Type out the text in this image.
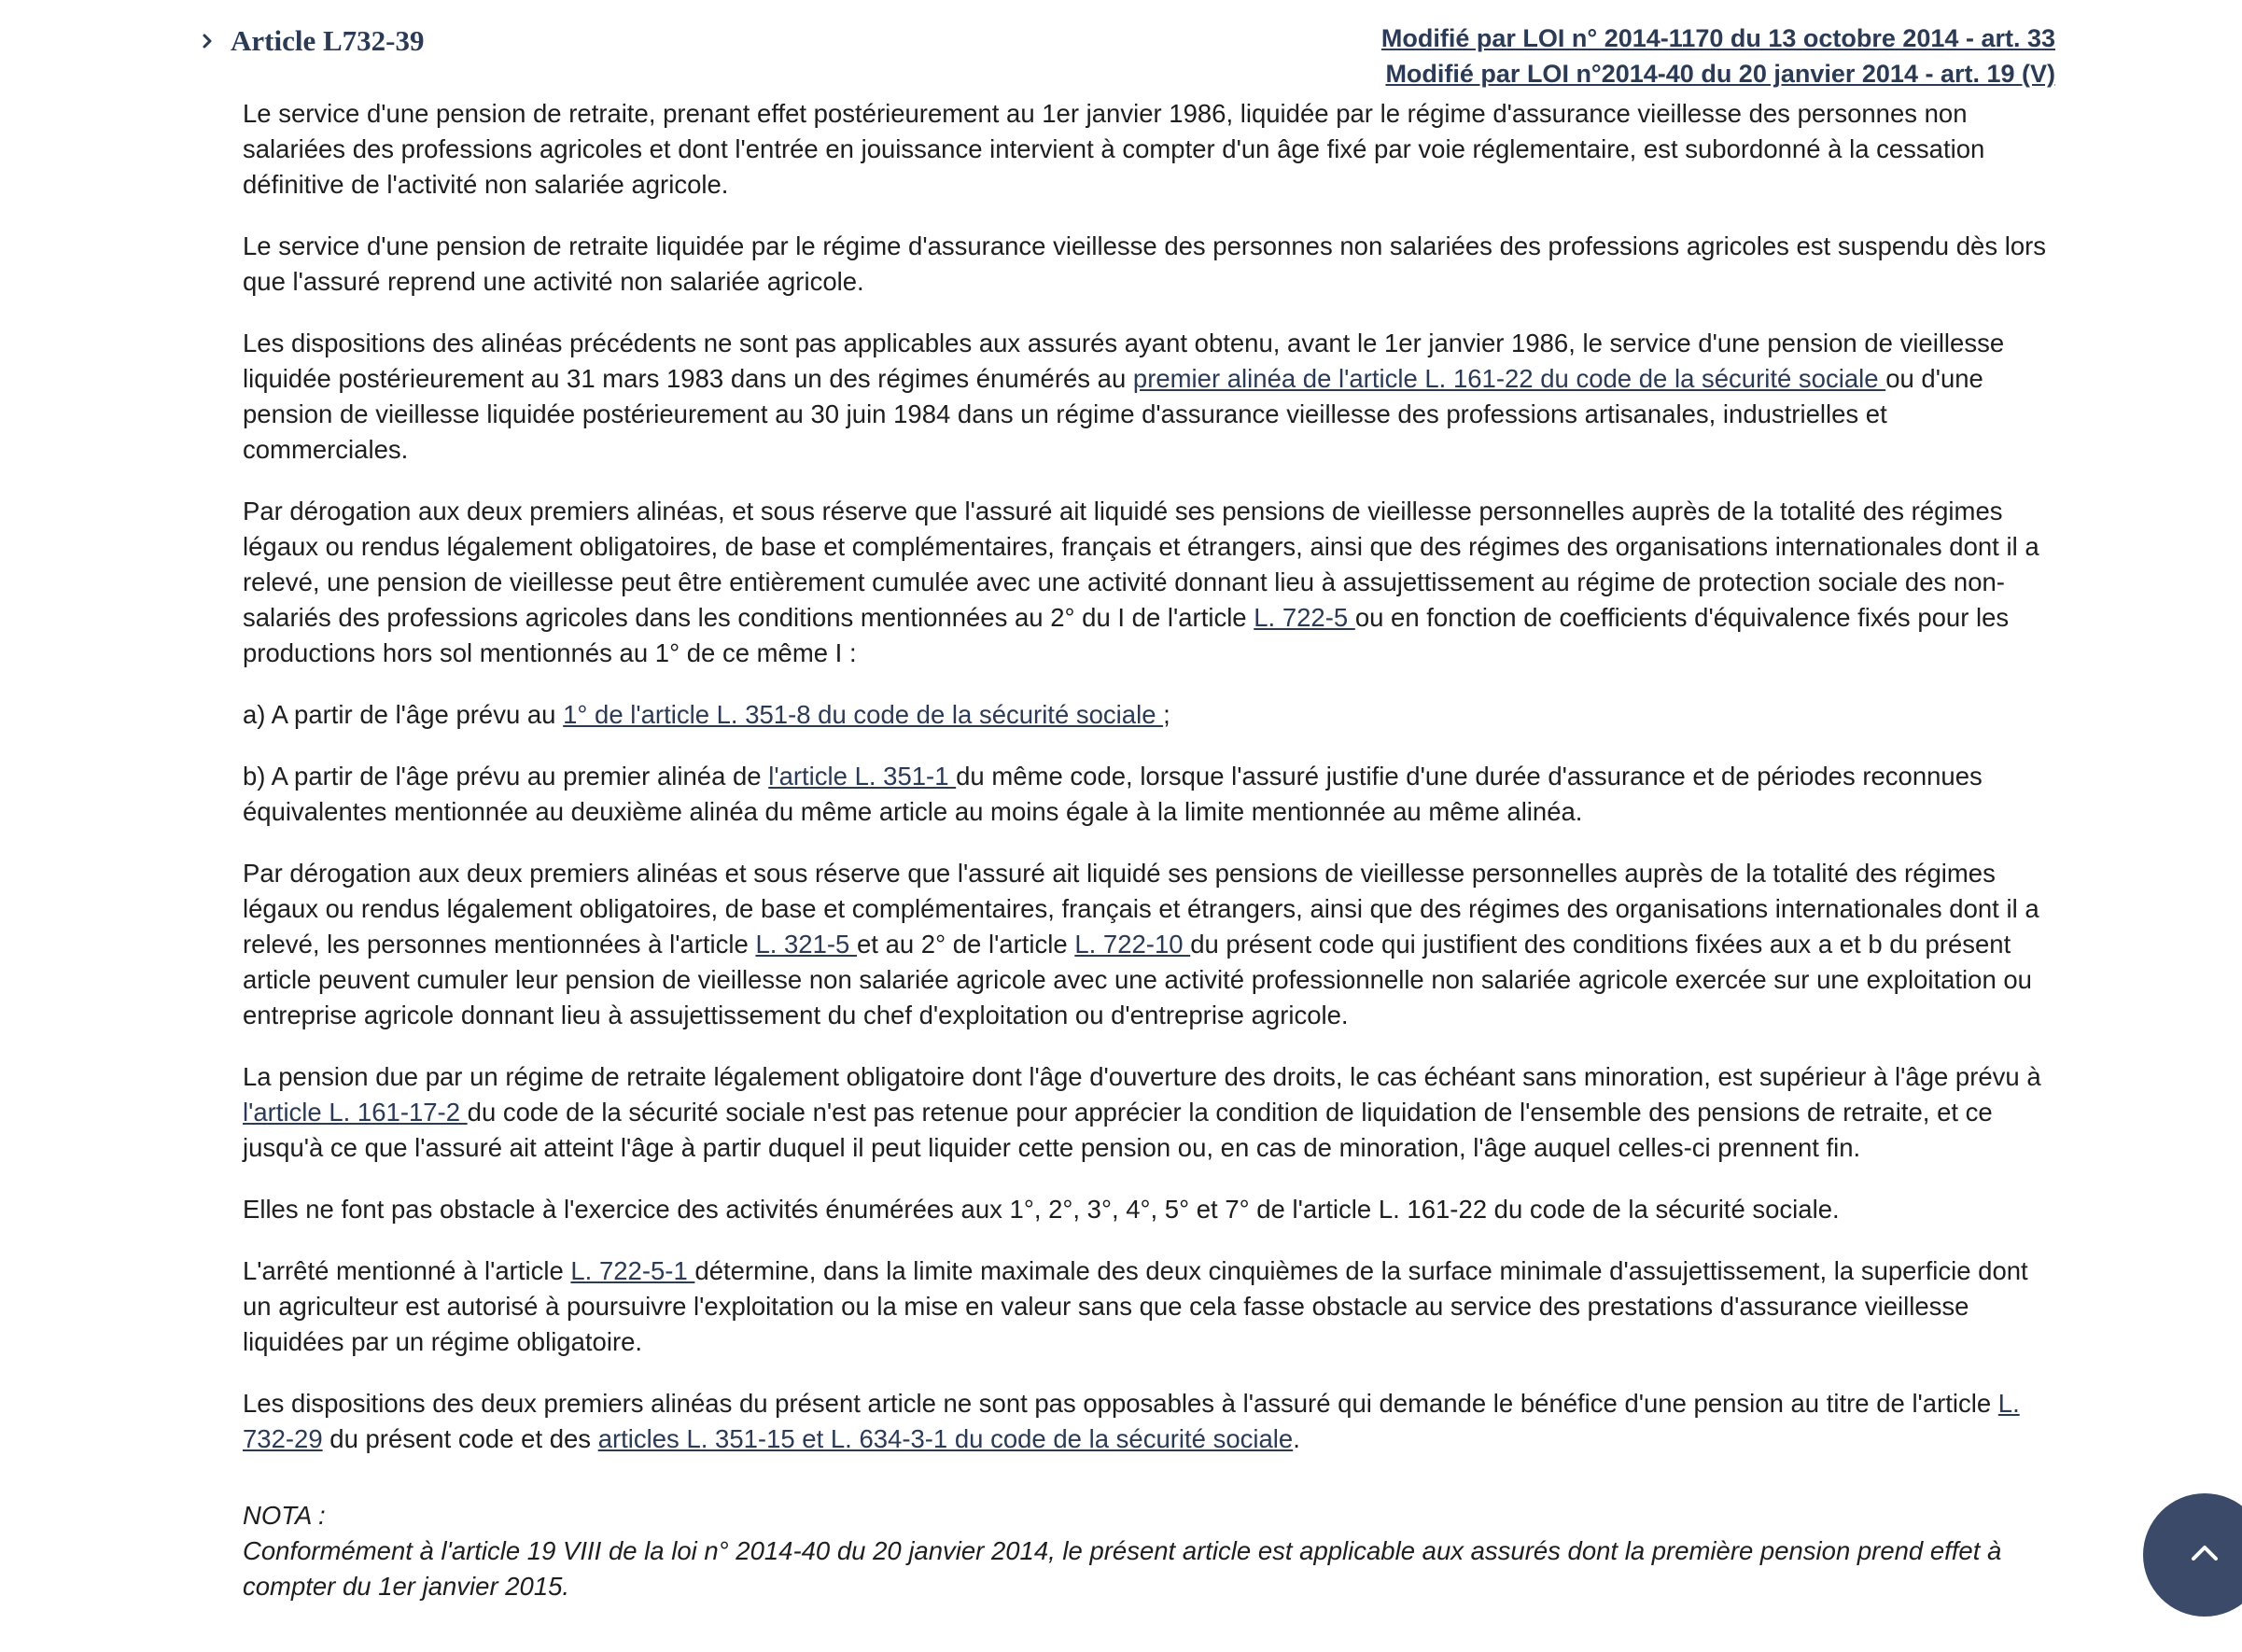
Article L732-39	Modifié par LOI n° 2014-1170 du 13 octobre 2014 - art. 33
Modifié par LOI n°2014-40 du 20 janvier 2014 - art. 19 (V)

Le service d'une pension de retraite, prenant effet postérieurement au 1er janvier 1986, liquidée par le régime d'assurance vieillesse des personnes non salariées des professions agricoles et dont l'entrée en jouissance intervient à compter d'un âge fixé par voie réglementaire, est subordonné à la cessation définitive de l'activité non salariée agricole.

Le service d'une pension de retraite liquidée par le régime d'assurance vieillesse des personnes non salariées des professions agricoles est suspendu dès lors que l'assuré reprend une activité non salariée agricole.

Les dispositions des alinéas précédents ne sont pas applicables aux assurés ayant obtenu, avant le 1er janvier 1986, le service d'une pension de vieillesse liquidée postérieurement au 31 mars 1983 dans un des régimes énumérés au premier alinéa de l'article L. 161-22 du code de la sécurité sociale ou d'une pension de vieillesse liquidée postérieurement au 30 juin 1984 dans un régime d'assurance vieillesse des professions artisanales, industrielles et commerciales.

Par dérogation aux deux premiers alinéas, et sous réserve que l'assuré ait liquidé ses pensions de vieillesse personnelles auprès de la totalité des régimes légaux ou rendus légalement obligatoires, de base et complémentaires, français et étrangers, ainsi que des régimes des organisations internationales dont il a relevé, une pension de vieillesse peut être entièrement cumulée avec une activité donnant lieu à assujettissement au régime de protection sociale des non-salariés des professions agricoles dans les conditions mentionnées au 2° du I de l'article L. 722-5 ou en fonction de coefficients d'équivalence fixés pour les productions hors sol mentionnés au 1° de ce même I :

a) A partir de l'âge prévu au 1° de l'article L. 351-8 du code de la sécurité sociale ;

b) A partir de l'âge prévu au premier alinéa de l'article L. 351-1 du même code, lorsque l'assuré justifie d'une durée d'assurance et de périodes reconnues équivalentes mentionnée au deuxième alinéa du même article au moins égale à la limite mentionnée au même alinéa.

Par dérogation aux deux premiers alinéas et sous réserve que l'assuré ait liquidé ses pensions de vieillesse personnelles auprès de la totalité des régimes légaux ou rendus légalement obligatoires, de base et complémentaires, français et étrangers, ainsi que des régimes des organisations internationales dont il a relevé, les personnes mentionnées à l'article L. 321-5 et au 2° de l'article L. 722-10 du présent code qui justifient des conditions fixées aux a et b du présent article peuvent cumuler leur pension de vieillesse non salariée agricole avec une activité professionnelle non salariée agricole exercée sur une exploitation ou entreprise agricole donnant lieu à assujettissement du chef d'exploitation ou d'entreprise agricole.

La pension due par un régime de retraite légalement obligatoire dont l'âge d'ouverture des droits, le cas échéant sans minoration, est supérieur à l'âge prévu à l'article L. 161-17-2 du code de la sécurité sociale n'est pas retenue pour apprécier la condition de liquidation de l'ensemble des pensions de retraite, et ce jusqu'à ce que l'assuré ait atteint l'âge à partir duquel il peut liquider cette pension ou, en cas de minoration, l'âge auquel celles-ci prennent fin.

Elles ne font pas obstacle à l'exercice des activités énumérées aux 1°, 2°, 3°, 4°, 5° et 7° de l'article L. 161-22 du code de la sécurité sociale.

L'arrêté mentionné à l'article L. 722-5-1 détermine, dans la limite maximale des deux cinquièmes de la surface minimale d'assujettissement, la superficie dont un agriculteur est autorisé à poursuivre l'exploitation ou la mise en valeur sans que cela fasse obstacle au service des prestations d'assurance vieillesse liquidées par un régime obligatoire.

Les dispositions des deux premiers alinéas du présent article ne sont pas opposables à l'assuré qui demande le bénéfice d'une pension au titre de l'article L. 732-29 du présent code et des articles L. 351-15 et L. 634-3-1 du code de la sécurité sociale.

NOTA :

Conformément à l'article 19 VIII de la loi n° 2014-40 du 20 janvier 2014, le présent article est applicable aux assurés dont la première pension prend effet à compter du 1er janvier 2015.
